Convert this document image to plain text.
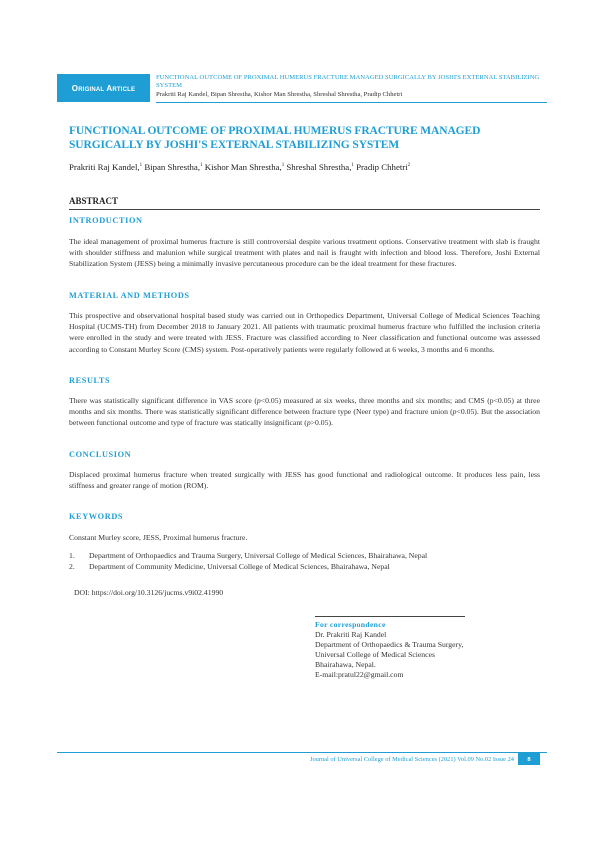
Original Article
FUNCTIONAL OUTCOME OF PROXIMAL HUMERUS FRACTURE MANAGED SURGICALLY BY JOSHI'S EXTERNAL STABILIZING SYSTEM
Prakriti Raj Kandel, Bipan Shrestha, Kishor Man Shrestha, Shreshal Shrestha, Pradip Chhetri
FUNCTIONAL OUTCOME OF PROXIMAL HUMERUS FRACTURE MANAGED SURGICALLY BY JOSHI'S EXTERNAL STABILIZING SYSTEM
Prakriti Raj Kandel,$^1$ Bipan Shrestha,$^1$ Kishor Man Shrestha,$^1$ Shreshal Shrestha,$^1$ Pradip Chhetri$^2$
ABSTRACT
INTRODUCTION
The ideal management of proximal humerus fracture is still controversial despite various treatment options. Conservative treatment with slab is fraught with shoulder stiffness and malunion while surgical treatment with plates and nail is fraught with infection and blood loss. Therefore, Joshi External Stabilization System (JESS) being a minimally invasive percutaneous procedure can be the ideal treatment for these fractures.
MATERIAL AND METHODS
This prospective and observational hospital based study was carried out in Orthopedics Department, Universal College of Medical Sciences Teaching Hospital (UCMS-TH) from December 2018 to January 2021. All patients with traumatic proximal humerus fracture who fulfilled the inclusion criteria were enrolled in the study and were treated with JESS. Fracture was classified according to Neer classification and functional outcome was assessed according to Constant Murley Score (CMS) system. Post-operatively patients were regularly followed at 6 weeks, 3 months and 6 months.
RESULTS
There was statistically significant difference in VAS score (p<0.05) measured at six weeks, three months and six months; and CMS (p<0.05) at three months and six months. There was statistically significant difference between fracture type (Neer type) and fracture union (p<0.05). But the association between functional outcome and type of fracture was statically insignificant (p>0.05).
CONCLUSION
Displaced proximal humerus fracture when treated surgically with JESS has good functional and radiological outcome. It produces less pain, less stiffness and greater range of motion (ROM).
KEYWORDS
Constant Murley score, JESS, Proximal humerus fracture.
1.	Department of Orthopaedics and Trauma Surgery, Universal College of Medical Sciences, Bhairahawa, Nepal
2.	Department of Community Medicine, Universal College of Medical Sciences, Bhairahawa, Nepal
DOI: https://doi.org/10.3126/jucms.v9i02.41990
For correspondence
Dr. Prakriti Raj Kandel
Department of Orthopaedics & Trauma Surgery,
Universal College of Medical Sciences
Bhairahawa, Nepal.
E-mail:pratul22@gmail.com
Journal of Universal College of Medical Sciences (2021) Vol.09 No.02 Issue 24	8
